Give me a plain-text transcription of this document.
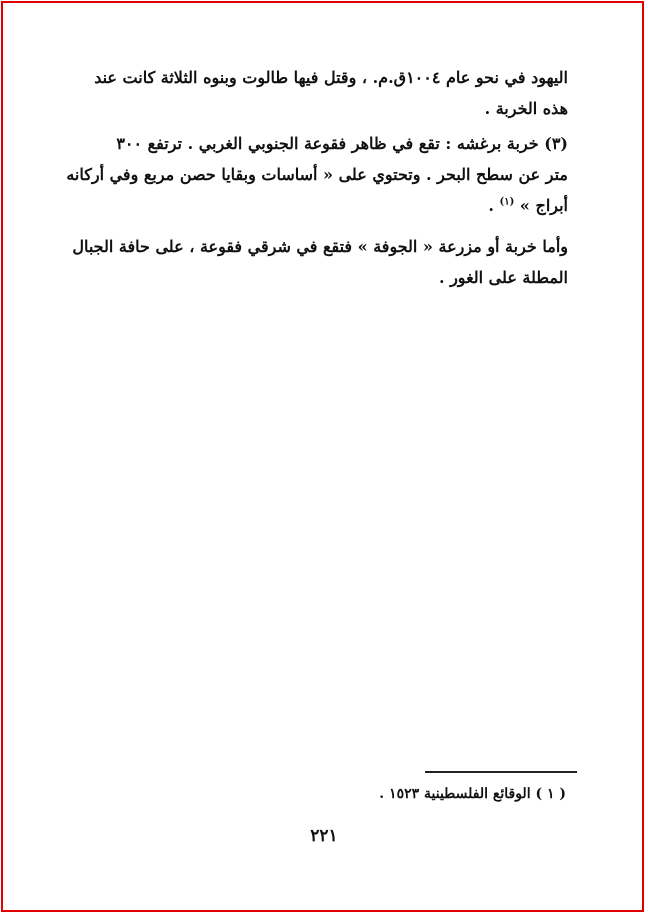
اليهود في نحو عام ١٠٠٤ق.م. ، وقتل فيها طالوت وبنوه الثلاثة كانت عند
هذه الخربة .
(٣) خربة برغشه : تقع في ظاهر فقوعة الجنوبي الغربي . ترتفع ٣٠٠
متر عن سطح البحر . وتحتوي على « أساسات وبقايا حصن مربع وفي أركانه
أبراج » $^{(١)}$ .
وأما خربة أو مزرعة « الجوفة » فتقع في شرقي فقوعة ، على حافة الجبال
المطلة على الغور .
( ١ ) الوقائع الفلسطينية ١٥٢٣ .
٢٢١
